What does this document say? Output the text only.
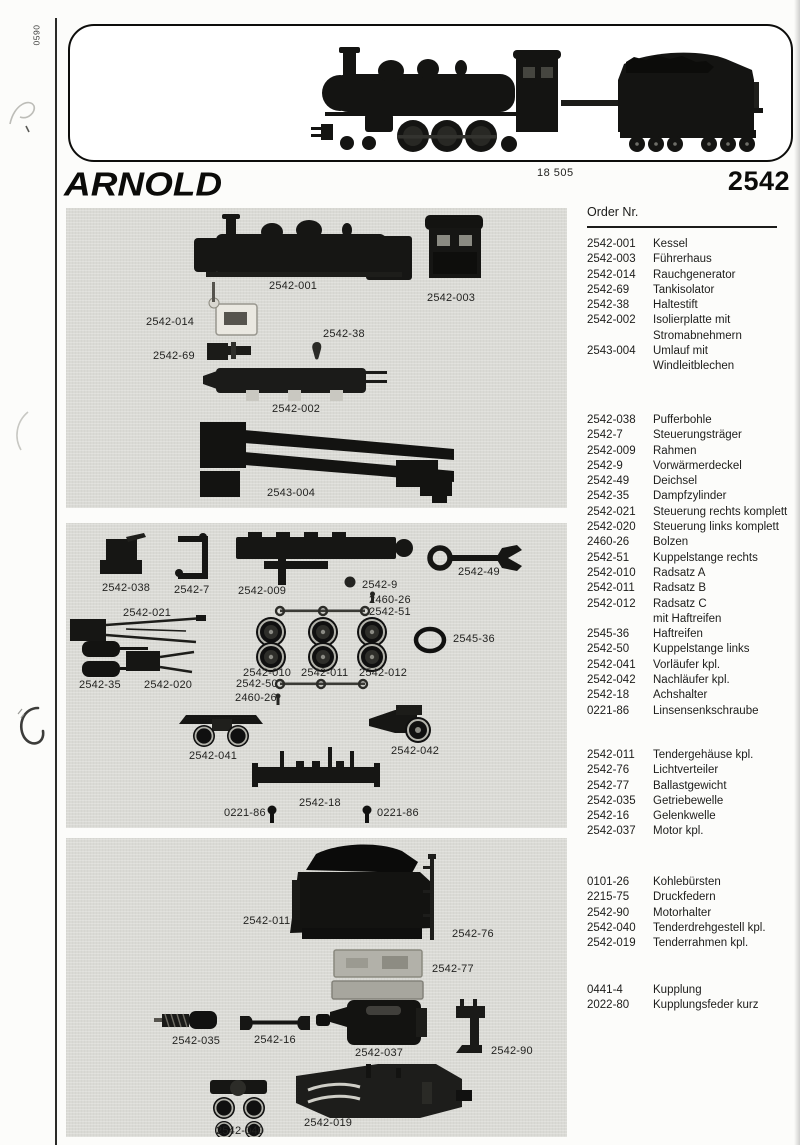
0590
18 505
ARNOLD	2542
2542-001
2542-003
2542-014
2542-38
2542-69
2542-002
2543-004
2542-038 2542-7	2542-009	2542-9
2460-26
2542-51
2542-49
2542-021
2542-35 2542-020
2542-010 2542-011 2542-012
2545-36
2542-50
2460-26
2542-041	2542-042
2542-18
0221-86	0221-86
2542-011
2542-76
2542-77
2542-035	2542-16
2542-037	2542-90
2542-040
2542-019
Order Nr.
2542-001	Kessel
2542-003	Führerhaus
2542-014	Rauchgenerator
2542-69	Tankisolator
2542-38	Haltestift
2542-002	Isolierplatte mit
Stromabnehmern
2543-004	Umlauf mit
Windleitblechen
2542-038	Pufferbohle
2542-7	Steuerungsträger
2542-009	Rahmen
2542-9	Vorwärmerdeckel
2542-49	Deichsel
2542-35	Dampfzylinder
2542-021	Steuerung rechts komplett
2542-020	Steuerung links komplett
2460-26	Bolzen
2542-51	Kuppelstange rechts
2542-010	Radsatz A
2542-011	Radsatz B
2542-012	Radsatz C
mit Haftreifen
2545-36	Haftreifen
2542-50	Kuppelstange links
2542-041	Vorläufer kpl.
2542-042	Nachläufer kpl.
2542-18	Achshalter
0221-86	Linsensenkschraube
2542-011	Tendergehäuse kpl.
2542-76	Lichtverteiler
2542-77	Ballastgewicht
2542-035	Getriebewelle
2542-16	Gelenkwelle
2542-037	Motor kpl.
0101-26	Kohlebürsten
2215-75	Druckfedern
2542-90	Motorhalter
2542-040	Tenderdrehgestell kpl.
2542-019	Tenderrahmen kpl.
0441-4	Kupplung
2022-80	Kupplungsfeder kurz
